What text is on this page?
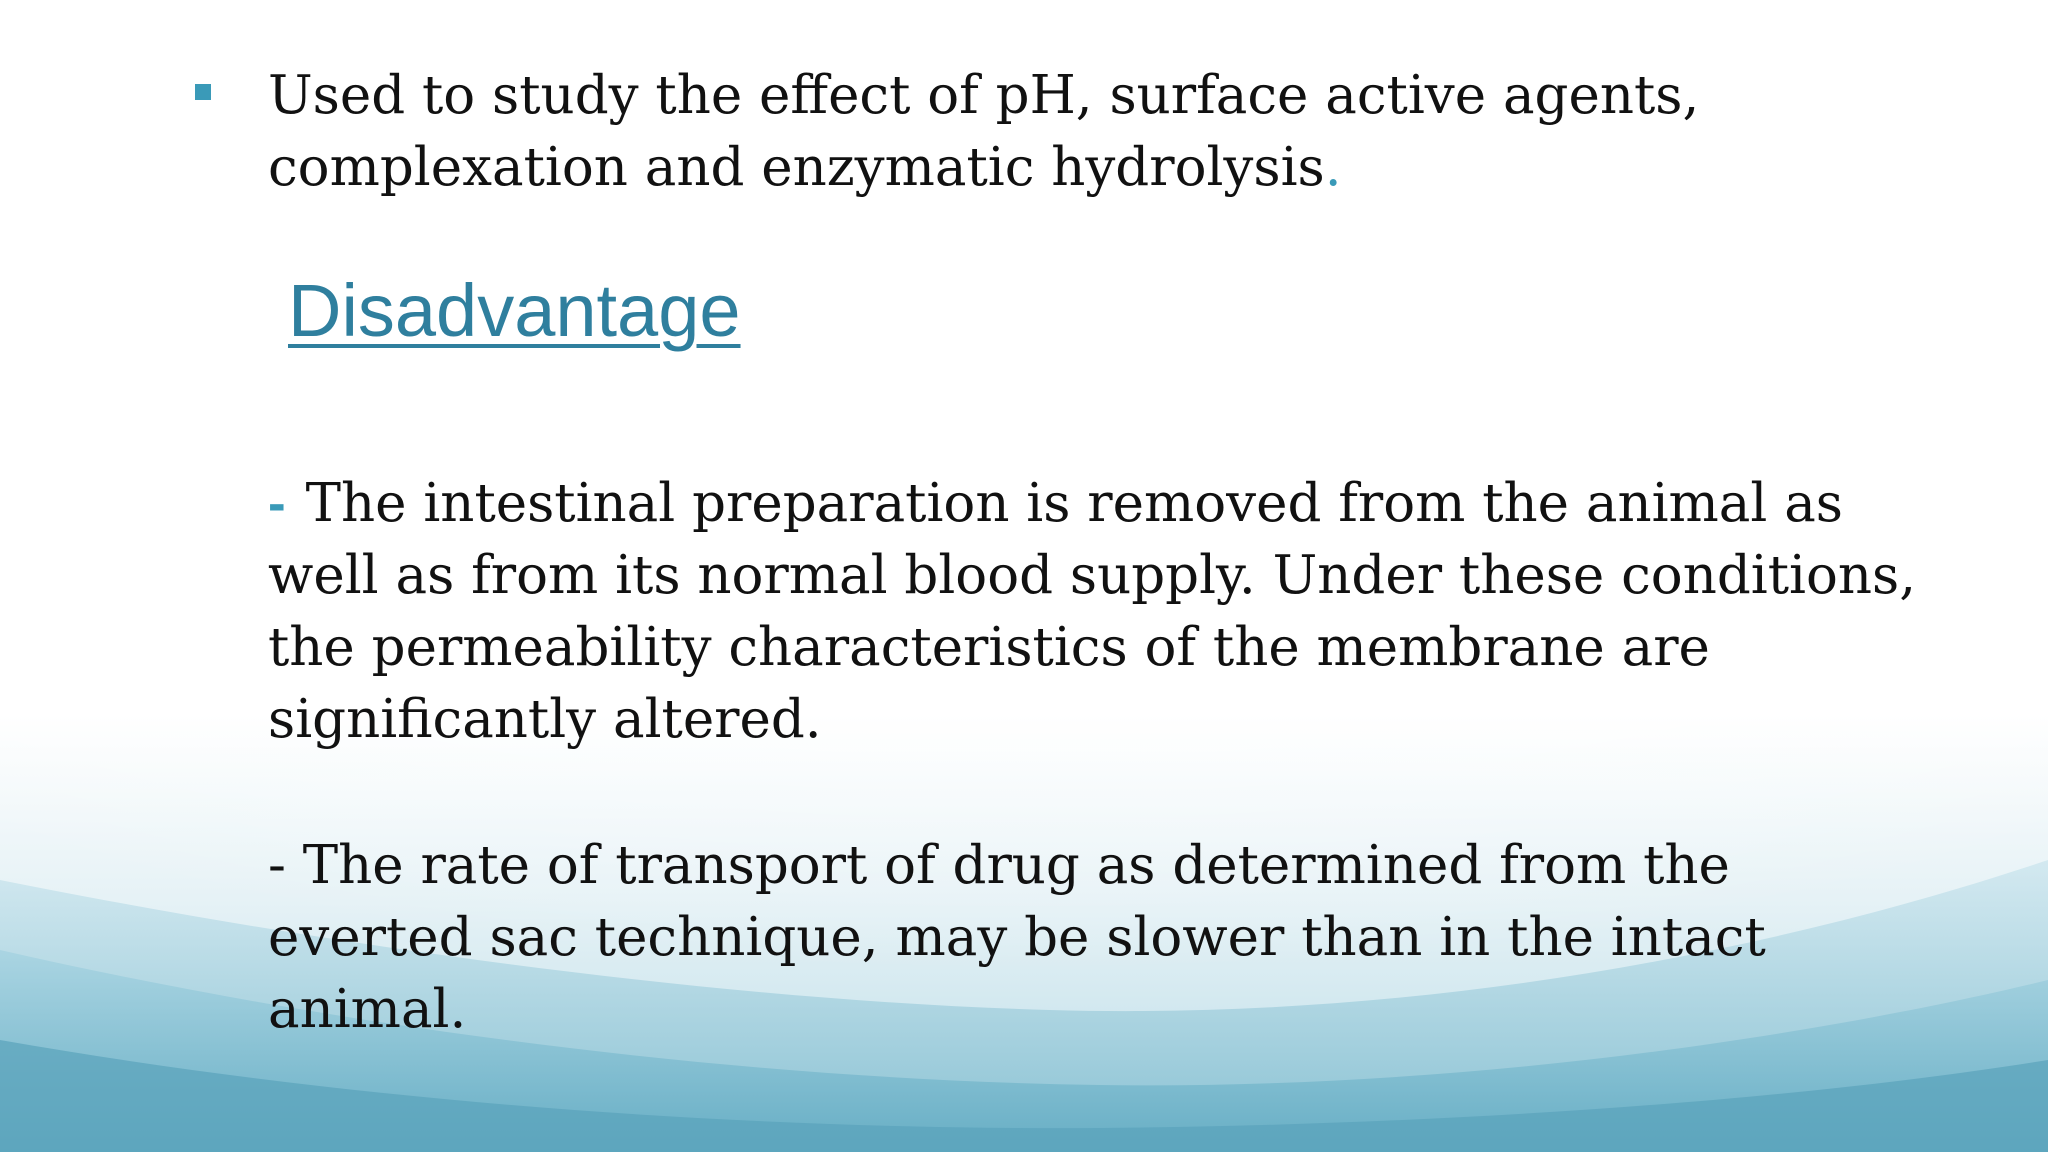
Used to study the effect of pH, surface active agents,
complexation and enzymatic hydrolysis.
Disadvantage
- The intestinal preparation is removed from the animal as
well as from its normal blood supply. Under these conditions,
the permeability characteristics of the membrane are
significantly altered.
- The rate of transport of drug as determined from the
everted sac technique, may be slower than in the intact
animal.
